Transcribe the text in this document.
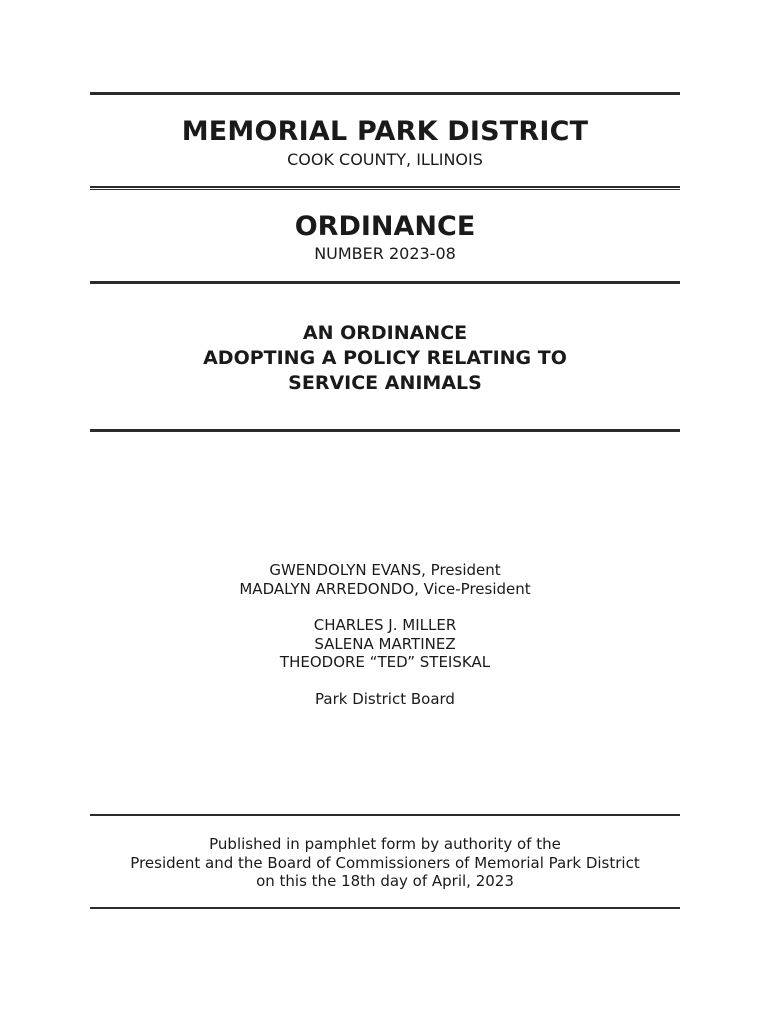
MEMORIAL PARK DISTRICT
COOK COUNTY, ILLINOIS
ORDINANCE
NUMBER 2023-08
AN ORDINANCE
ADOPTING A POLICY RELATING TO
SERVICE ANIMALS
GWENDOLYN EVANS, President
MADALYN ARREDONDO, Vice-President
CHARLES J. MILLER
SALENA MARTINEZ
THEODORE “TED” STEISKAL
Park District Board
Published in pamphlet form by authority of the
President and the Board of Commissioners of Memorial Park District
on this the 18th day of April, 2023
